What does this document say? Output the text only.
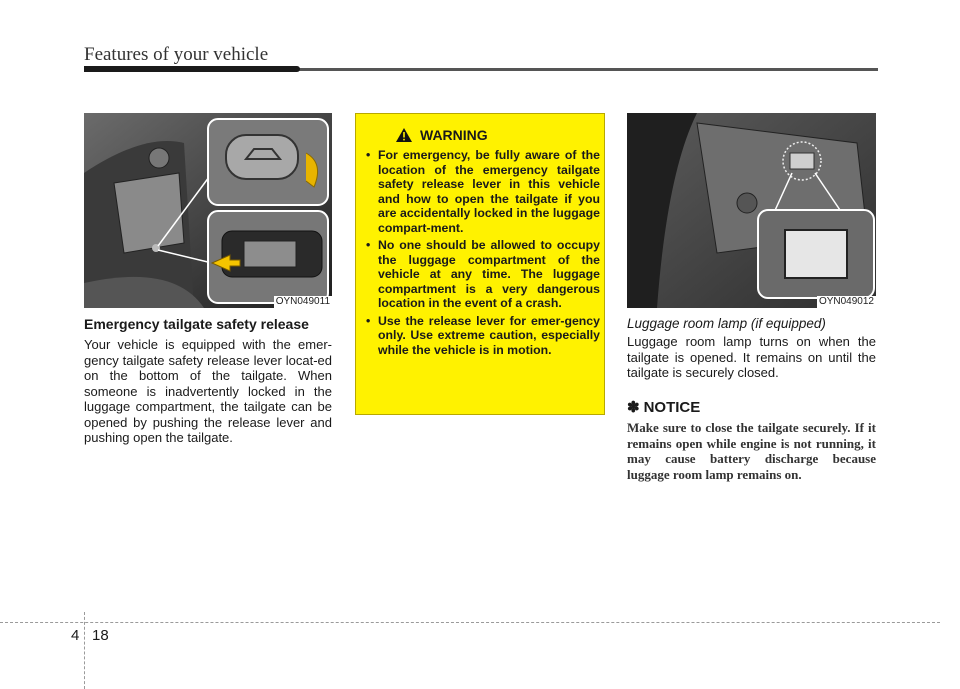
Features of your vehicle
OYN049011
Emergency tailgate safety release

Your vehicle is equipped with the emer-gency tailgate safety release lever locat-ed on the bottom of the tailgate. When someone is inadvertently locked in the luggage compartment, the tailgate can be opened by pushing the release lever and pushing open the tailgate.

WARNING
• For emergency, be fully aware of the location of the emergency tailgate safety release lever in this vehicle and how to open the tailgate if you are accidentally locked in the luggage compart-ment.
• No one should be allowed to occupy the luggage compartment of the vehicle at any time. The luggage compartment is a very dangerous location in the event of a crash.
• Use the release lever for emer-gency only. Use extreme caution, especially while the vehicle is in motion.
OYN049012
Luggage room lamp (if equipped)

Luggage room lamp turns on when the tailgate is opened. It remains on until the tailgate is securely closed.

✽ NOTICE

Make sure to close the tailgate securely. If it remains open while engine is not running, it may cause battery discharge because luggage room lamp remains on.

4 18
